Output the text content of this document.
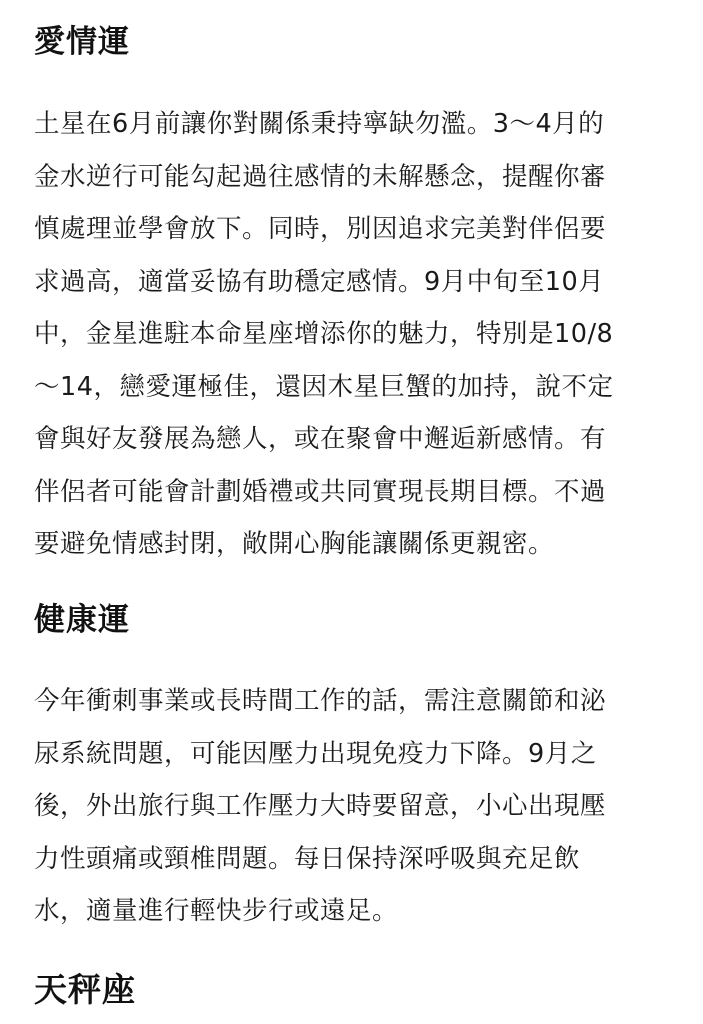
愛情運

土星在6月前讓你對關係秉持寧缺勿濫。3～4月的
金水逆行可能勾起過往感情的未解懸念，提醒你審
慎處理並學會放下。同時，別因追求完美對伴侶要
求過高，適當妥協有助穩定感情。9月中旬至10月
中，金星進駐本命星座增添你的魅力，特別是10/8
～14，戀愛運極佳，還因木星巨蟹的加持，說不定
會與好友發展為戀人，或在聚會中邂逅新感情。有
伴侶者可能會計劃婚禮或共同實現長期目標。不過
要避免情感封閉，敞開心胸能讓關係更親密。

健康運

今年衝刺事業或長時間工作的話，需注意關節和泌
尿系統問題，可能因壓力出現免疫力下降。9月之
後，外出旅行與工作壓力大時要留意，小心出現壓
力性頭痛或頸椎問題。每日保持深呼吸與充足飲
水，適量進行輕快步行或遠足。

天秤座
